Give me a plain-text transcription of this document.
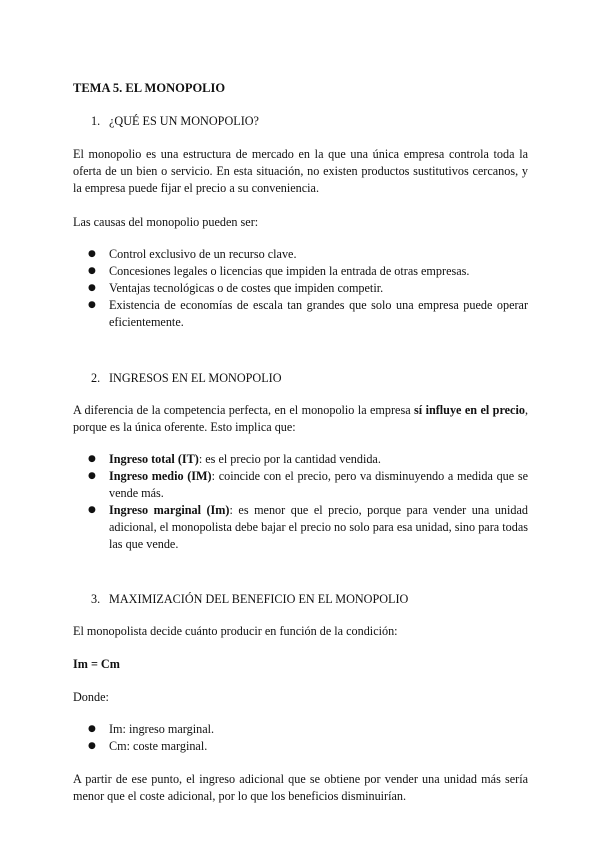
TEMA 5. EL MONOPOLIO
1. ¿QUÉ ES UN MONOPOLIO?

El monopolio es una estructura de mercado en la que una única empresa controla toda la oferta de un bien o servicio. En esta situación, no existen productos sustitutivos cercanos, y la empresa puede fijar el precio a su conveniencia.

Las causas del monopolio pueden ser:

● Control exclusivo de un recurso clave.
● Concesiones legales o licencias que impiden la entrada de otras empresas.
● Ventajas tecnológicas o de costes que impiden competir.
● Existencia de economías de escala tan grandes que solo una empresa puede operar eficientemente.
2. INGRESOS EN EL MONOPOLIO

A diferencia de la competencia perfecta, en el monopolio la empresa sí influye en el precio, porque es la única oferente. Esto implica que:

● Ingreso total (IT): es el precio por la cantidad vendida.
● Ingreso medio (IM): coincide con el precio, pero va disminuyendo a medida que se vende más.
● Ingreso marginal (Im): es menor que el precio, porque para vender una unidad adicional, el monopolista debe bajar el precio no solo para esa unidad, sino para todas las que vende.
3. MAXIMIZACIÓN DEL BENEFICIO EN EL MONOPOLIO

El monopolista decide cuánto producir en función de la condición:

Im = Cm

Donde:

● Im: ingreso marginal.
● Cm: coste marginal.

A partir de ese punto, el ingreso adicional que se obtiene por vender una unidad más sería menor que el coste adicional, por lo que los beneficios disminuirían.
